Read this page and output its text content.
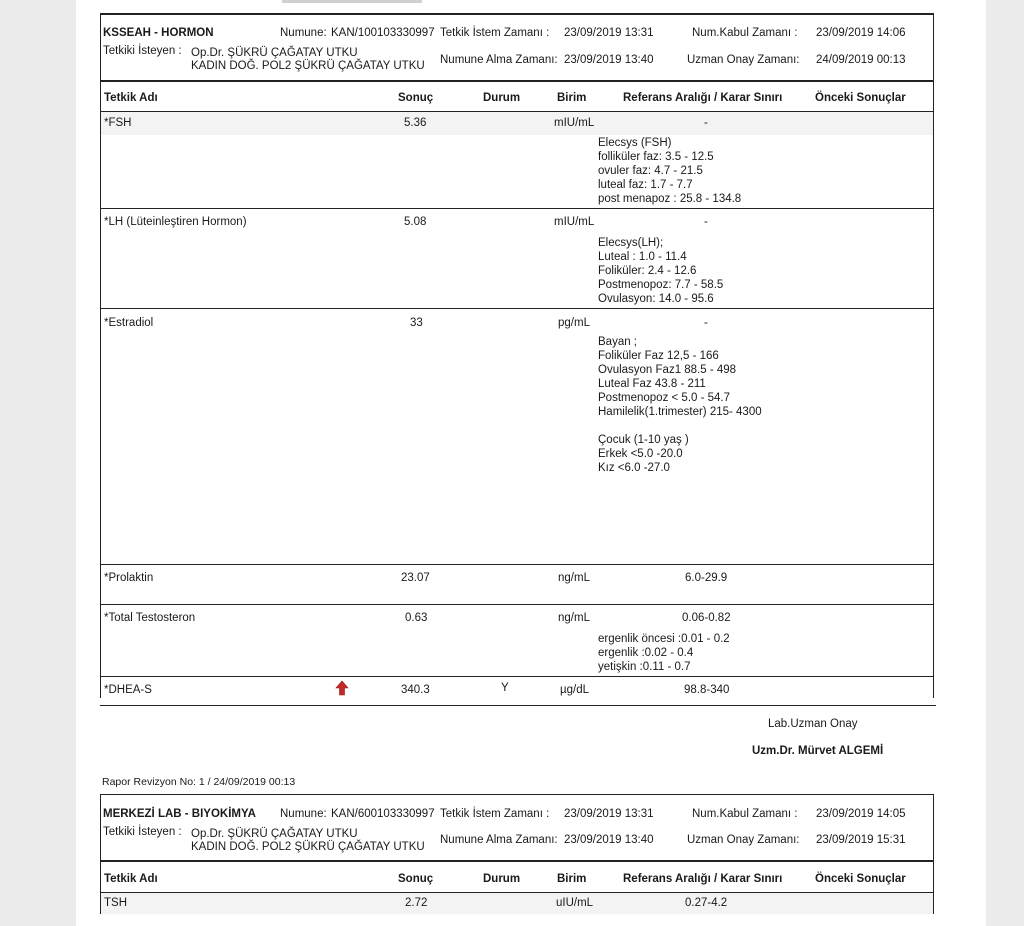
KSSEAH - HORMON	Numune: KAN/100103330997 Tetkik İstem Zamanı : 23/09/2019 13:31	Num.Kabul Zamanı : 23/09/2019 14:06
Tetkiki İsteyen : Op.Dr. ŞÜKRÜ ÇAĞATAY UTKU
KADIN DOĞ. POL2 ŞÜKRÜ ÇAĞATAY UTKU Numune Alma Zamanı: 23/09/2019 13:40	Uzman Onay Zamanı: 24/09/2019 00:13
Tetkik Adı	Sonuç	Durum	Birim	Referans Aralığı / Karar Sınırı	Önceki Sonuçlar
*FSH	5.36	mIU/mL	-
Elecsys (FSH)
folliküler faz: 3.5 - 12.5
ovuler faz: 4.7 - 21.5
luteal faz: 1.7 - 7.7
post menapoz : 25.8 - 134.8
*LH (Lüteinleştiren Hormon)	5.08	mIU/mL	-
Elecsys(LH);
Luteal : 1.0 - 11.4
Foliküler: 2.4 - 12.6
Postmenopoz: 7.7 - 58.5
Ovulasyon: 14.0 - 95.6
*Estradiol	33	pg/mL	-
Bayan ;
Foliküler Faz 12,5 - 166
Ovulasyon Faz1 88.5 - 498
Luteal Faz 43.8 - 211
Postmenopoz < 5.0 - 54.7
Hamilelik(1.trimester) 215- 4300
Çocuk (1-10 yaş )
Erkek <5.0 -20.0
Kız <6.0 -27.0
*Prolaktin	23.07	ng/mL	6.0-29.9
*Total Testosteron	0.63	ng/mL	0.06-0.82
ergenlik öncesi :0.01 - 0.2
ergenlik :0.02 - 0.4
yetişkin :0.11 - 0.7
*DHEA-S	340.3	Y	µg/dL	98.8-340
Lab.Uzman Onay
Uzm.Dr. Mürvet ALGEMİ
Rapor Revizyon No: 1 / 24/09/2019 00:13
MERKEZİ LAB - BIYOKİMYA Numune: KAN/600103330997 Tetkik İstem Zamanı : 23/09/2019 13:31	Num.Kabul Zamanı : 23/09/2019 14:05
Tetkiki İsteyen : Op.Dr. ŞÜKRÜ ÇAĞATAY UTKU
KADIN DOĞ. POL2 ŞÜKRÜ ÇAĞATAY UTKU
Numune Alma Zamanı: 23/09/2019 13:40	Uzman Onay Zamanı: 23/09/2019 15:31
Tetkik Adı	Sonuç	Durum	Birim	Referans Aralığı / Karar Sınırı	Önceki Sonuçlar
TSH	2.72	uIU/mL	0.27-4.2
